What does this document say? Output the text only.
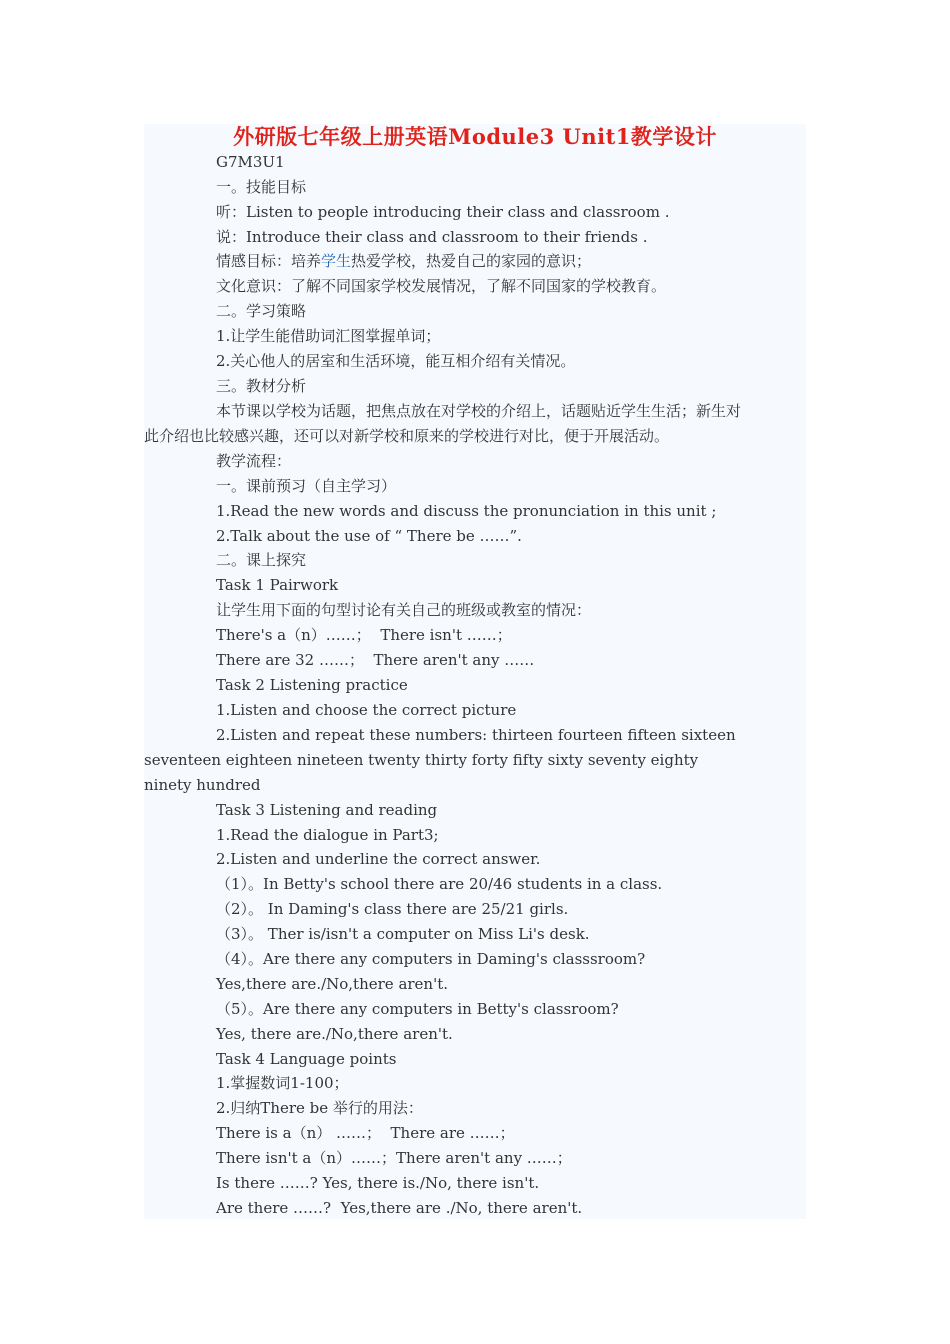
外研版七年级上册英语Module3 Unit1教学设计
G7M3U1
一。技能目标
听：Listen to people introducing their class and classroom .
说：Introduce their class and classroom to their friends .
情感目标：培养学生热爱学校，热爱自己的家园的意识；
文化意识：了解不同国家学校发展情况，了解不同国家的学校教育。
二。学习策略
1.让学生能借助词汇图掌握单词；
2.关心他人的居室和生活环境，能互相介绍有关情况。
三。教材分析
本节课以学校为话题，把焦点放在对学校的介绍上，话题贴近学生生活；新生对
此介绍也比较感兴趣，还可以对新学校和原来的学校进行对比，便于开展活动。
教学流程：
一。课前预习（自主学习）
1.Read the new words and discuss the pronunciation in this unit ;
2.Talk about the use of “ There be ……”.
二。课上探究
Task 1 Pairwork
让学生用下面的句型讨论有关自己的班级或教室的情况：
There's a（n）……；  There isn't ……；
There are 32 ……；  There aren't any ……
Task 2 Listening practice
1.Listen and choose the correct picture
2.Listen and repeat these numbers: thirteen fourteen fifteen sixteen
seventeen eighteen nineteen twenty thirty forty fifty sixty seventy eighty
ninety hundred
Task 3 Listening and reading
1.Read the dialogue in Part3;
2.Listen and underline the correct answer.
（1）。In Betty's school there are 20/46 students in a class.
（2）。 In Daming's class there are 25/21 girls.
（3）。 Ther is/isn't a computer on Miss Li's desk.
（4）。Are there any computers in Daming's classsroom?
Yes,there are./No,there aren't.
（5）。Are there any computers in Betty's classroom?
Yes, there are./No,there aren't.
Task 4 Language points
1.掌握数词1-100；
2.归纳There be 举行的用法：
There is a（n） ……；  There are ……；
There isn't a（n）……；There aren't any ……；
Is there ……? Yes, there is./No, there isn't.
Are there ……?  Yes,there are ./No, there aren't.
